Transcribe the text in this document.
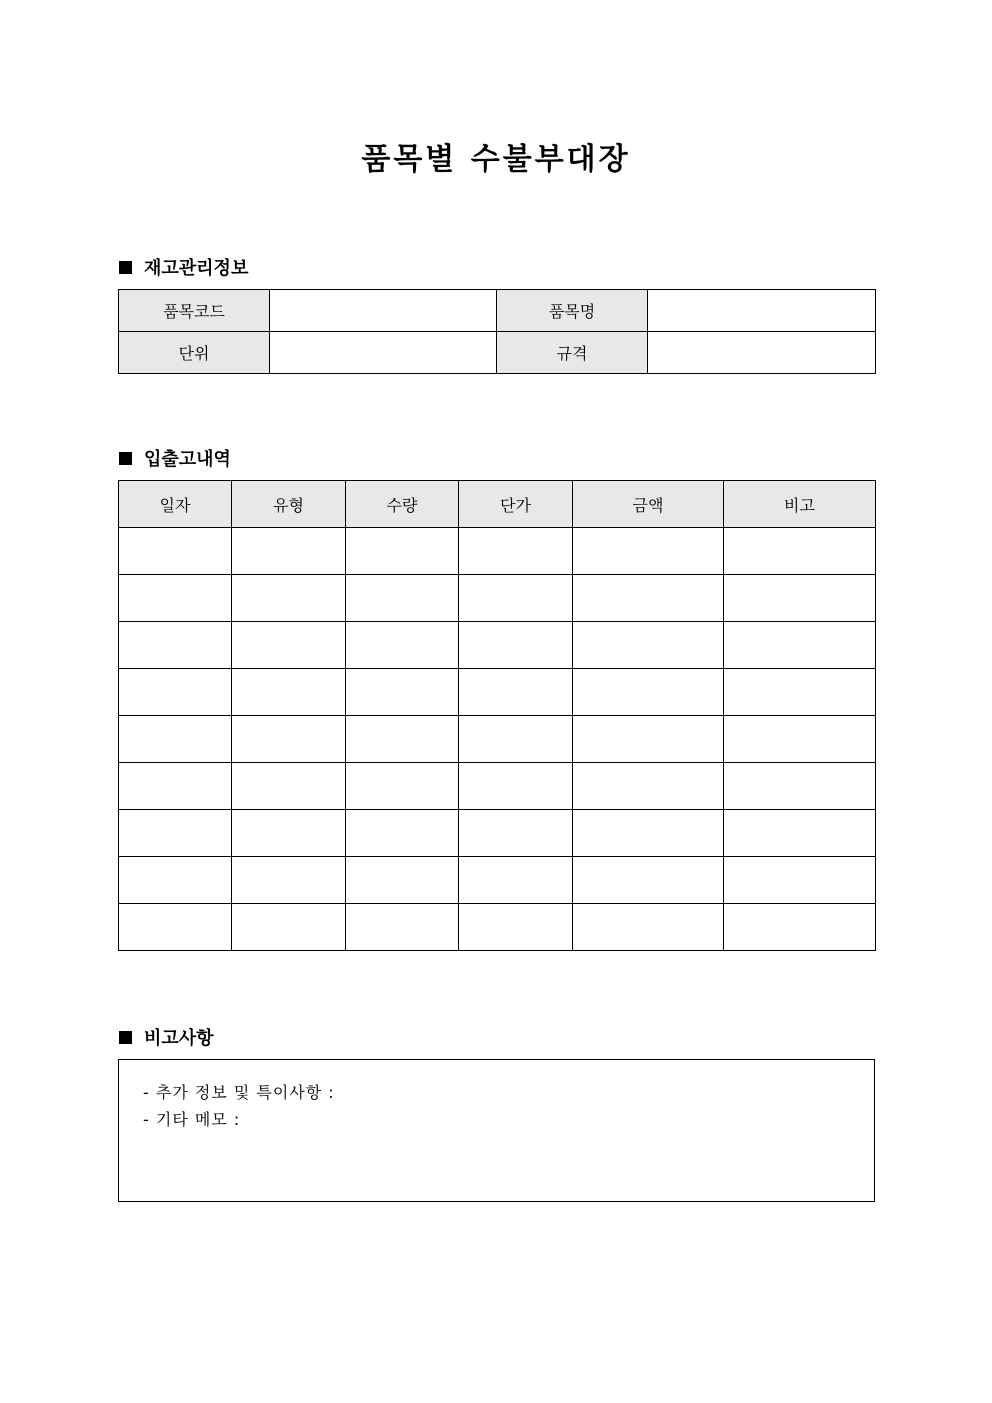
품목별 수불부대장
재고관리정보
품목코드		품목명	
단위		규격	
입출고내역
일자	유형	수량	단가	금액	비고

비고사항
- 추가 정보 및 특이사항 :
- 기타 메모 :
